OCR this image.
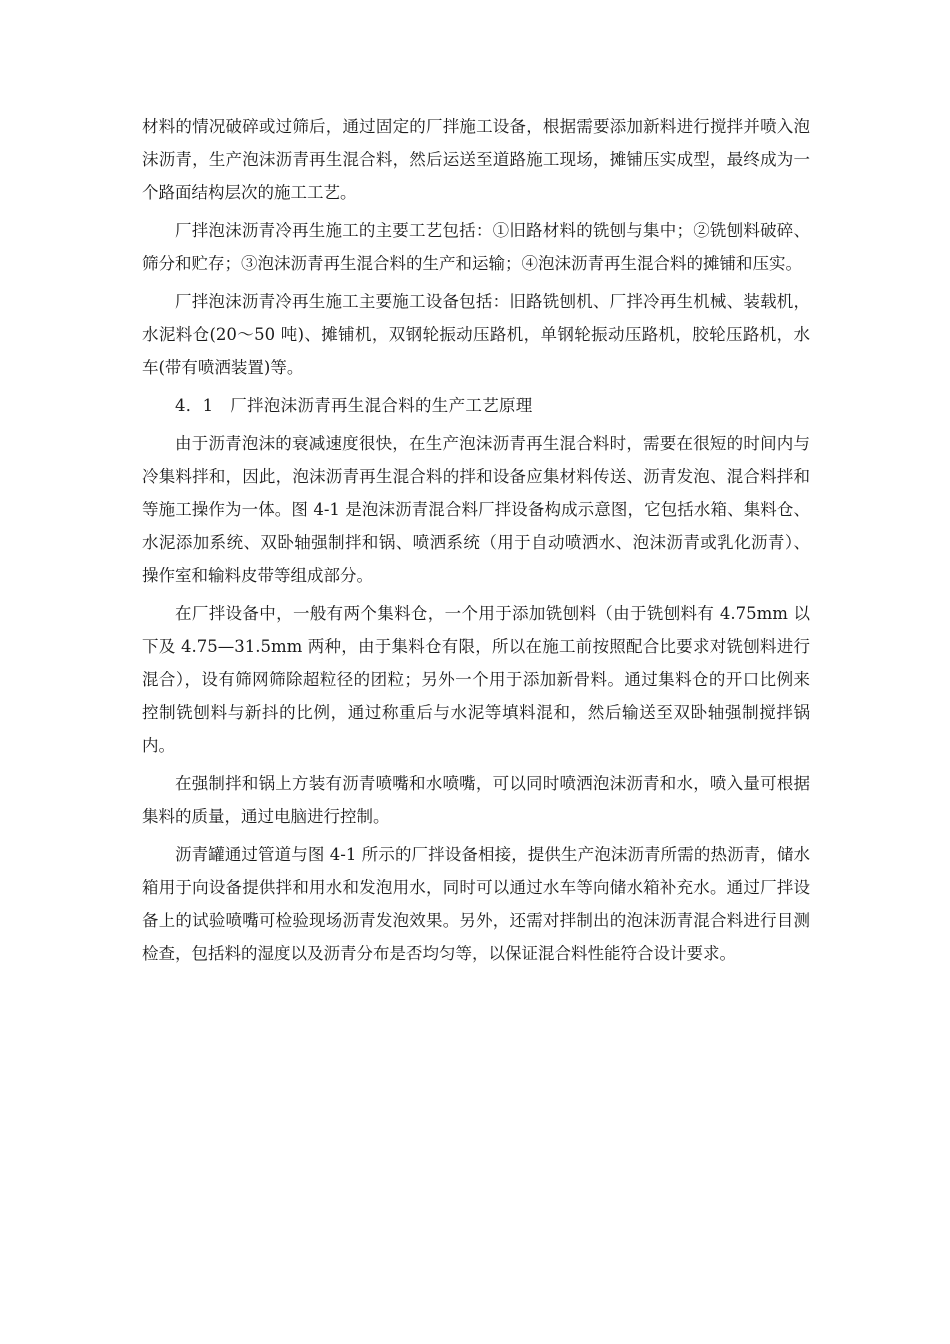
材料的情况破碎或过筛后，通过固定的厂拌施工设备，根据需要添加新料进行搅拌并喷入泡沫沥青，生产泡沫沥青再生混合料，然后运送至道路施工现场，摊铺压实成型，最终成为一个路面结构层次的施工工艺。

厂拌泡沫沥青冷再生施工的主要工艺包括：①旧路材料的铣刨与集中；②铣刨料破碎、筛分和贮存；③泡沫沥青再生混合料的生产和运输；④泡沫沥青再生混合料的摊铺和压实。

厂拌泡沫沥青冷再生施工主要施工设备包括：旧路铣刨机、厂拌冷再生机械、装载机，水泥料仓(20～50 吨)、摊铺机，双钢轮振动压路机，单钢轮振动压路机，胶轮压路机，水车(带有喷洒装置)等。

4．1　厂拌泡沫沥青再生混合料的生产工艺原理

由于沥青泡沫的衰减速度很快，在生产泡沫沥青再生混合料时，需要在很短的时间内与冷集料拌和，因此，泡沫沥青再生混合料的拌和设备应集材料传送、沥青发泡、混合料拌和等施工操作为一体。图 4-1 是泡沫沥青混合料厂拌设备构成示意图，它包括水箱、集料仓、水泥添加系统、双卧轴强制拌和锅、喷洒系统（用于自动喷洒水、泡沫沥青或乳化沥青）、操作室和输料皮带等组成部分。

在厂拌设备中，一般有两个集料仓，一个用于添加铣刨料（由于铣刨料有 4.75mm 以下及 4.75—31.5mm 两种，由于集料仓有限，所以在施工前按照配合比要求对铣刨料进行混合），设有筛网筛除超粒径的团粒；另外一个用于添加新骨料。通过集料仓的开口比例来控制铣刨料与新抖的比例，通过称重后与水泥等填料混和，然后输送至双卧轴强制搅拌锅内。

在强制拌和锅上方装有沥青喷嘴和水喷嘴，可以同时喷洒泡沫沥青和水，喷入量可根据集料的质量，通过电脑进行控制。

沥青罐通过管道与图 4-1 所示的厂拌设备相接，提供生产泡沫沥青所需的热沥青，储水箱用于向设备提供拌和用水和发泡用水，同时可以通过水车等向储水箱补充水。通过厂拌设备上的试验喷嘴可检验现场沥青发泡效果。另外，还需对拌制出的泡沫沥青混合料进行目测检查，包括料的湿度以及沥青分布是否均匀等，以保证混合料性能符合设计要求。
